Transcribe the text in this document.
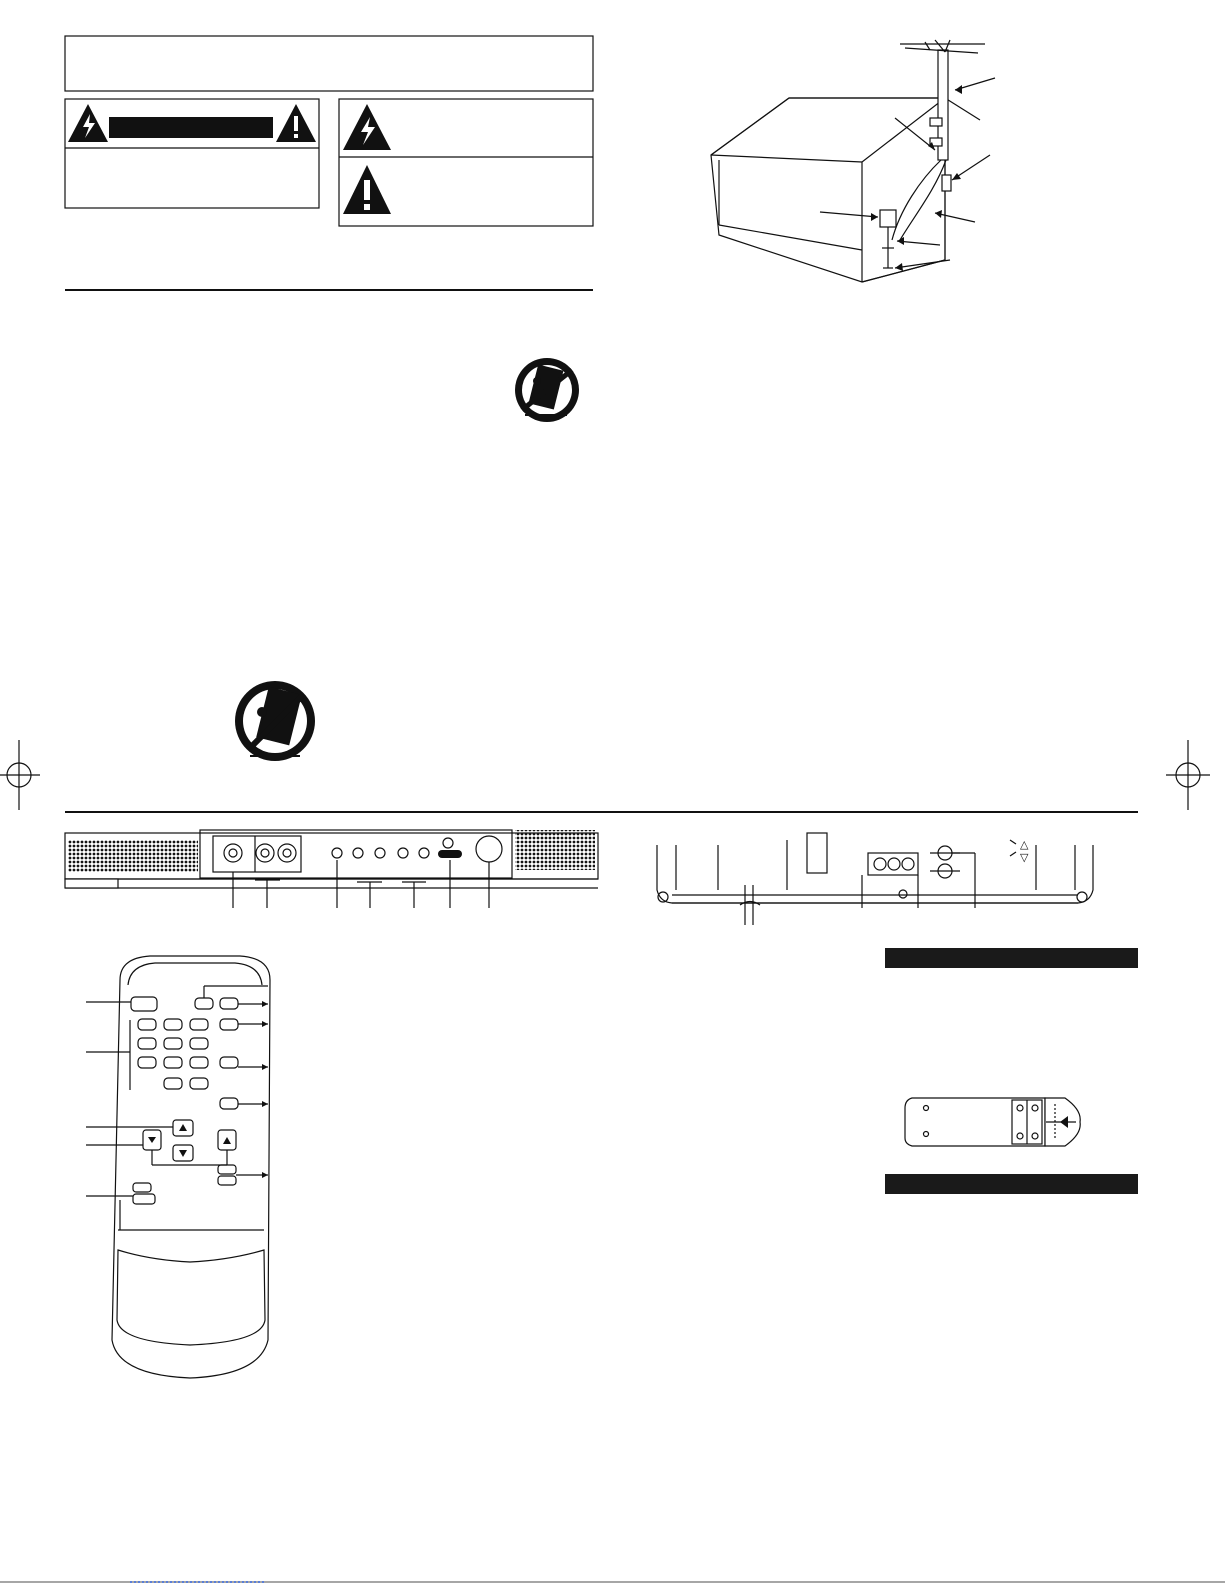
△
▽
